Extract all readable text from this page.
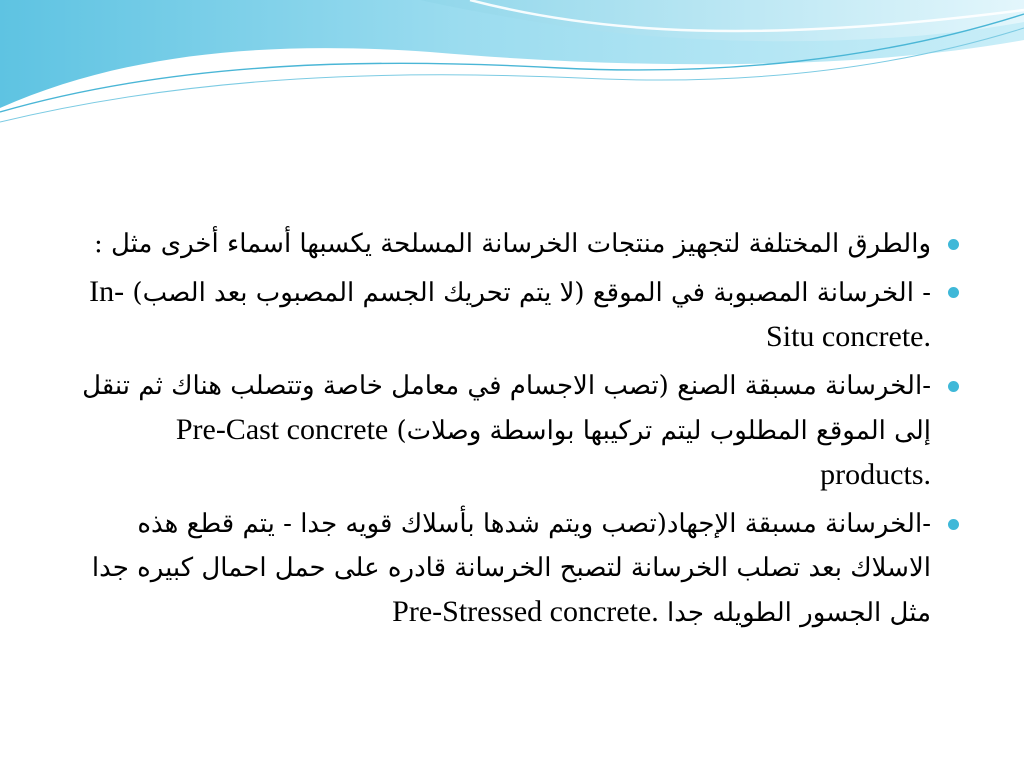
والطرق المختلفة لتجهيز منتجات الخرسانة المسلحة يكسبها أسماء أخرى مثل :
- الخرسانة المصبوبة في الموقع (لا يتم تحريك الجسم المصبوب بعد الصب) In-Situ concrete.
-الخرسانة مسبقة الصنع (تصب الاجسام في معامل خاصة وتتصلب هناك ثم تنقل إلى الموقع المطلوب ليتم تركيبها بواسطة وصلات) Pre-Cast concrete products.
-الخرسانة مسبقة الإجهاد(تصب ويتم شدها بأسلاك قويه جدا - يتم قطع هذه الاسلاك بعد تصلب الخرسانة لتصبح الخرسانة قادره على حمل احمال كبيره جدا مثل الجسور الطويله جدا Pre-Stressed concrete.
